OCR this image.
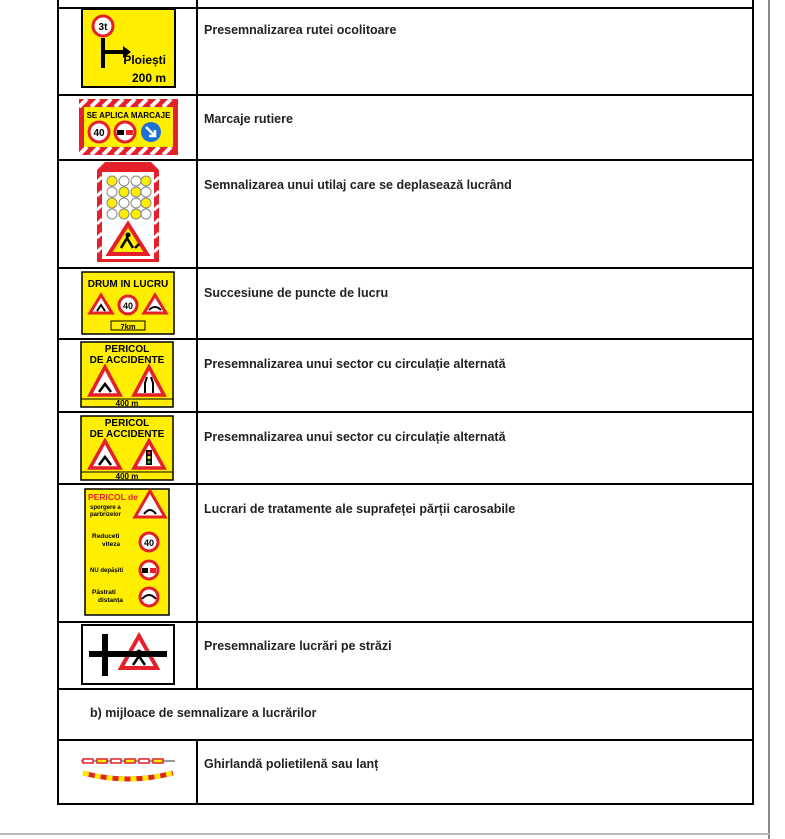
Presemnalizarea rutei ocolitoare
Marcaje rutiere
Semnalizarea unui utilaj care se deplasează lucrând
Succesiune de puncte de lucru
Presemnalizarea unui sector cu circulație alternată
Presemnalizarea unui sector cu circulație alternată
Lucrari de tratamente ale suprafeței părții carosabile
Presemnalizare lucrări pe străzi
b) mijloace de semnalizare a lucrărilor
Ghirlandă polietilenă sau lanț
3t
Ploiești
200 m
SE APLICA MARCAJE
40
DRUM IN LUCRU
40
7km
PERICOL
DE ACCIDENTE
400 m
PERICOL
DE ACCIDENTE
400 m
PERICOL de
sporgere a
parbrizelor
Reduceti
viteza	40
NU depășiti
Păstrati
distanța
